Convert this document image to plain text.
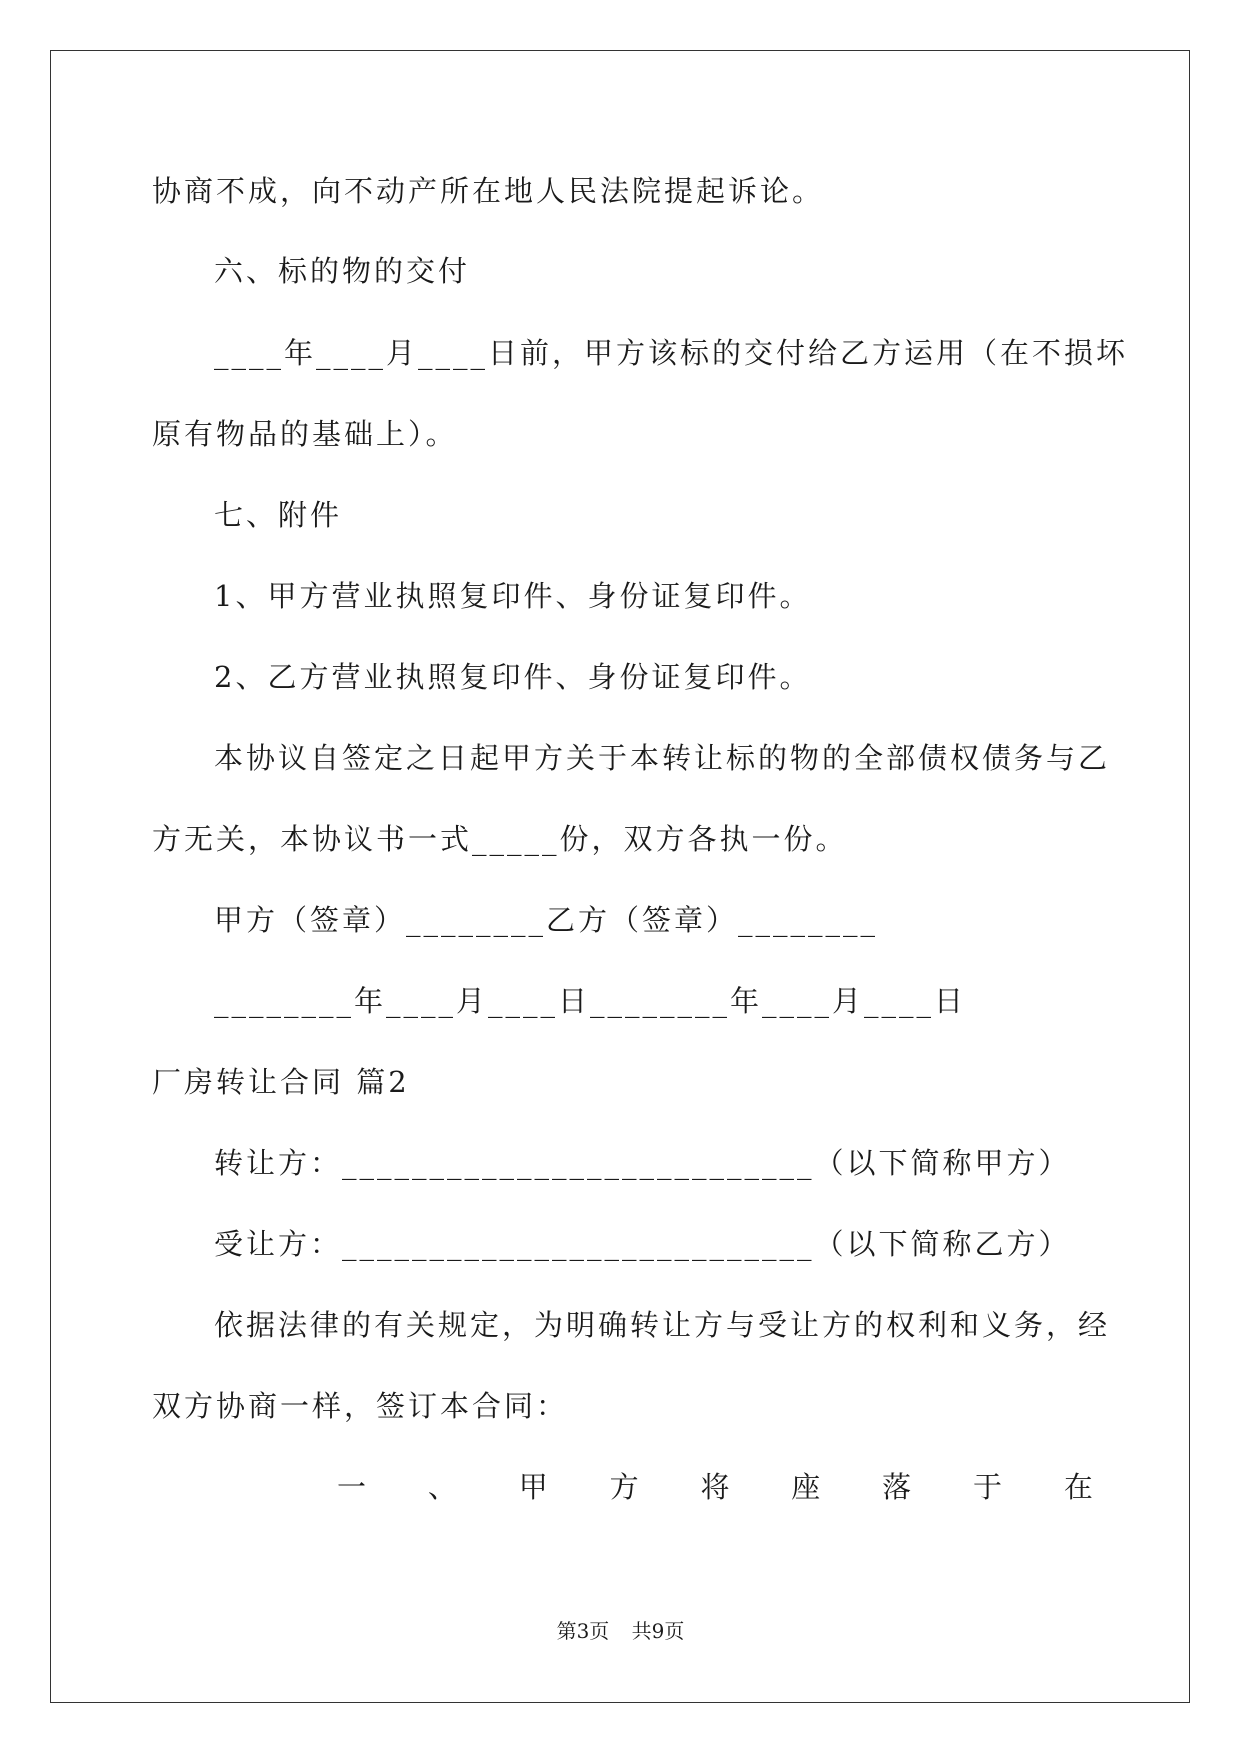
协商不成，向不动产所在地人民法院提起诉论。
六、标的物的交付
____年____月____日前，甲方该标的交付给乙方运用（在不损坏
原有物品的基础上）。
七、附件
1、甲方营业执照复印件、身份证复印件。
2、乙方营业执照复印件、身份证复印件。
本协议自签定之日起甲方关于本转让标的物的全部债权债务与乙
方无关，本协议书一式_____份，双方各执一份。
甲方（签章）________乙方（签章）________
________年____月____日________年____月____日
厂房转让合同 篇2
转让方：___________________________（以下简称甲方）
受让方：___________________________（以下简称乙方）
依据法律的有关规定，为明确转让方与受让方的权利和义务，经
双方协商一样，签订本合同：
一 、 甲 方 将 座 落 于 在
第3页 共9页
